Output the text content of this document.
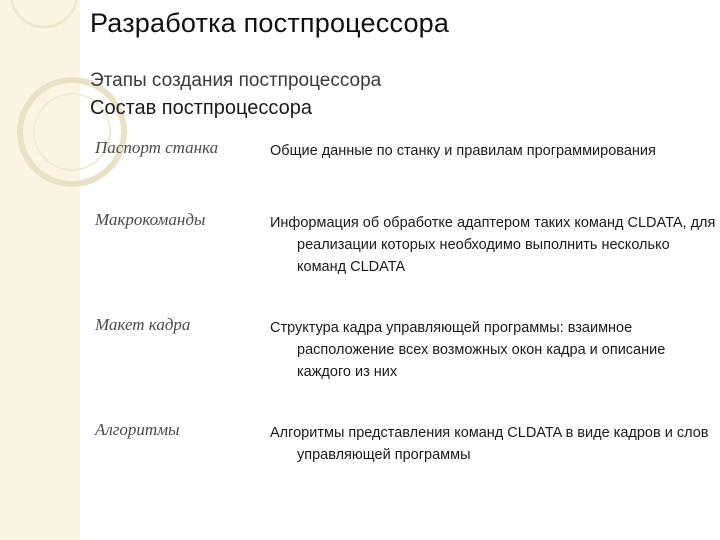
Разработка постпроцессора
Этапы создания постпроцессора
Состав постпроцессора
Паспорт станка	Общие данные по станку и правилам программирования
Макрокоманды	Информация об обработке адаптером таких команд CLDATA, для реализации которых необходимо выполнить несколько команд CLDATA
Макет кадра	Структура кадра управляющей программы: взаимное расположение всех возможных окон кадра и описание каждого из них
Алгоритмы	Алгоритмы представления команд CLDATA в виде кадров и слов управляющей программы
